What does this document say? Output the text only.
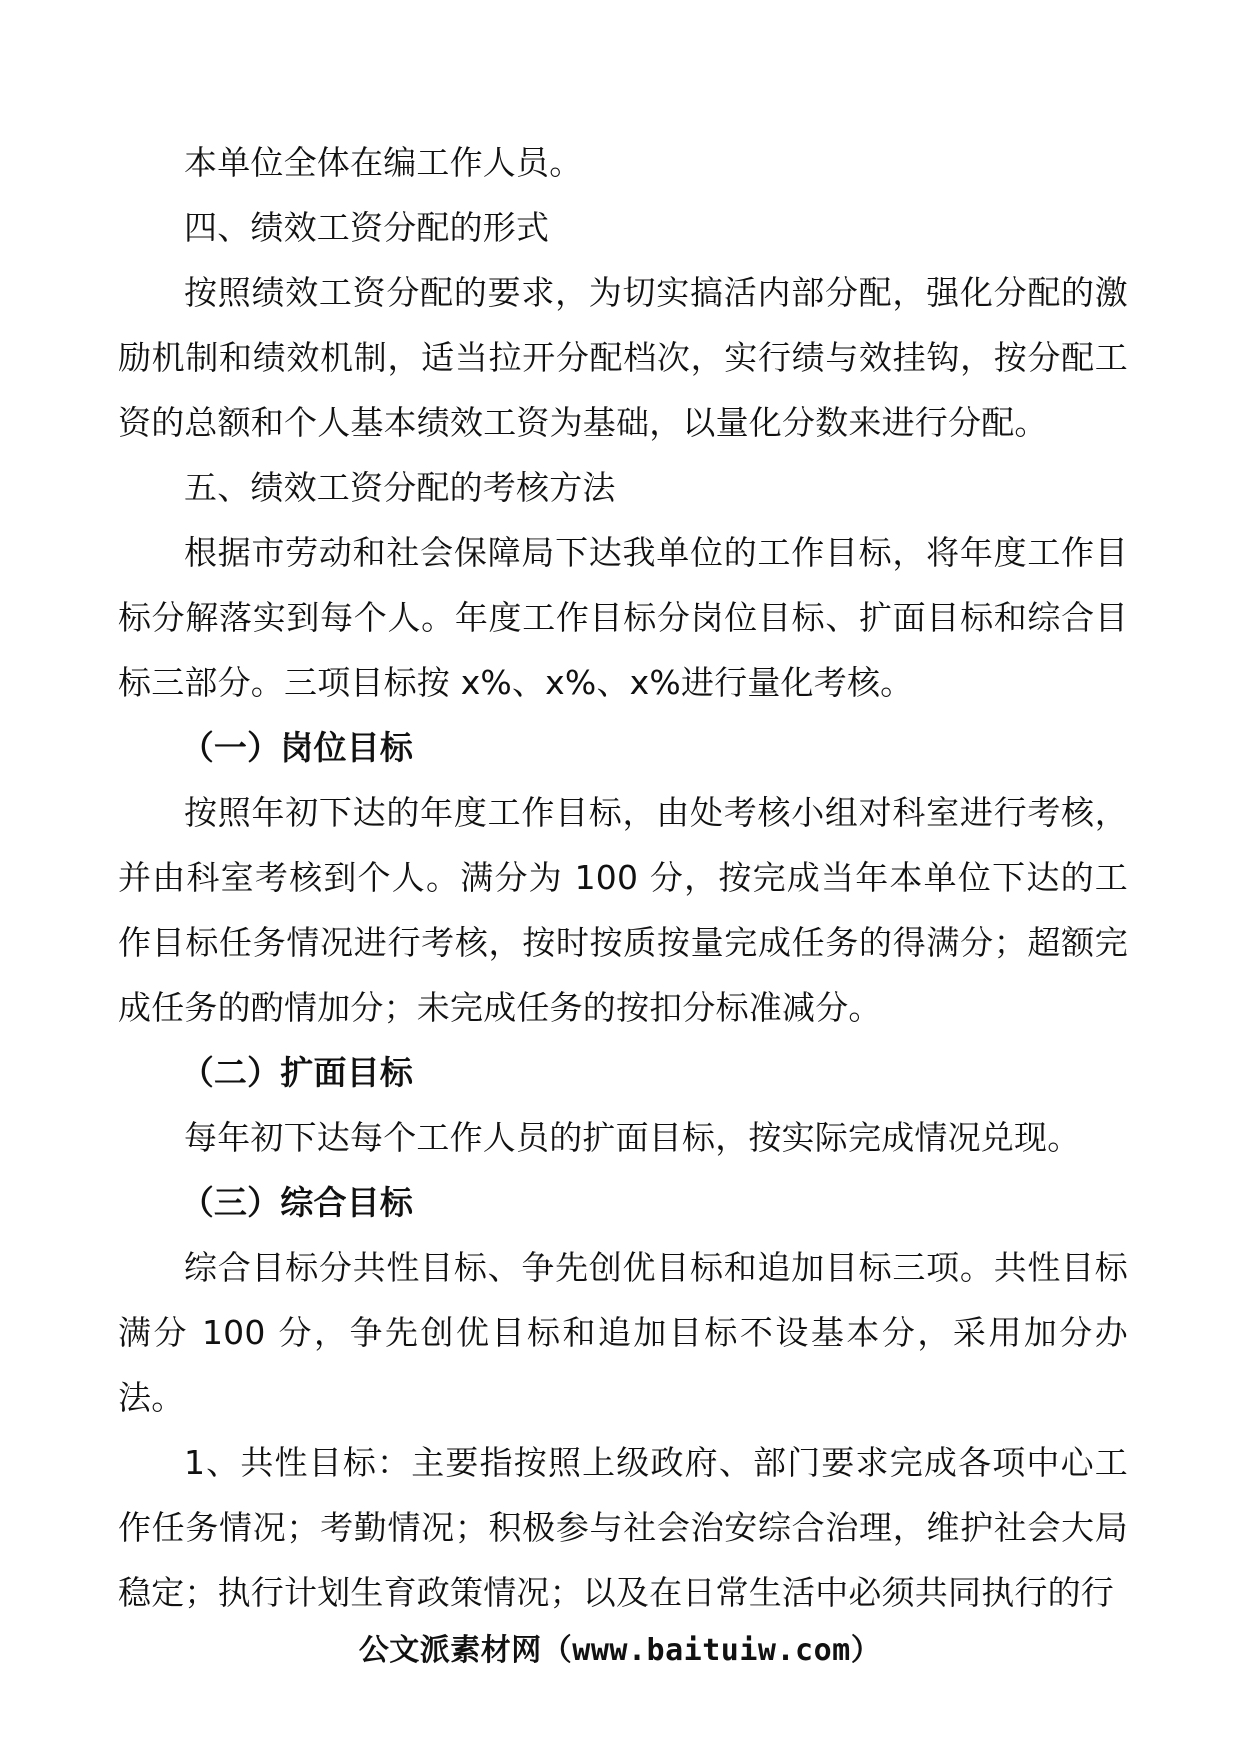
本单位全体在编工作人员。

四、绩效工资分配的形式

按照绩效工资分配的要求，为切实搞活内部分配，强化分配的激励机制和绩效机制，适当拉开分配档次，实行绩与效挂钩，按分配工资的总额和个人基本绩效工资为基础，以量化分数来进行分配。

五、绩效工资分配的考核方法

根据市劳动和社会保障局下达我单位的工作目标，将年度工作目标分解落实到每个人。年度工作目标分岗位目标、扩面目标和综合目标三部分。三项目标按 x%、x%、x%进行量化考核。

（一）岗位目标

按照年初下达的年度工作目标，由处考核小组对科室进行考核，并由科室考核到个人。满分为 100 分，按完成当年本单位下达的工作目标任务情况进行考核，按时按质按量完成任务的得满分；超额完成任务的酌情加分；未完成任务的按扣分标准减分。

（二）扩面目标

每年初下达每个工作人员的扩面目标，按实际完成情况兑现。

（三）综合目标

综合目标分共性目标、争先创优目标和追加目标三项。共性目标满分 100 分，争先创优目标和追加目标不设基本分，采用加分办法。

1、共性目标：主要指按照上级政府、部门要求完成各项中心工作任务情况；考勤情况；积极参与社会治安综合治理，维护社会大局稳定；执行计划生育政策情况；以及在日常生活中必须共同执行的行

公文派素材网（www.baituiw.com）
